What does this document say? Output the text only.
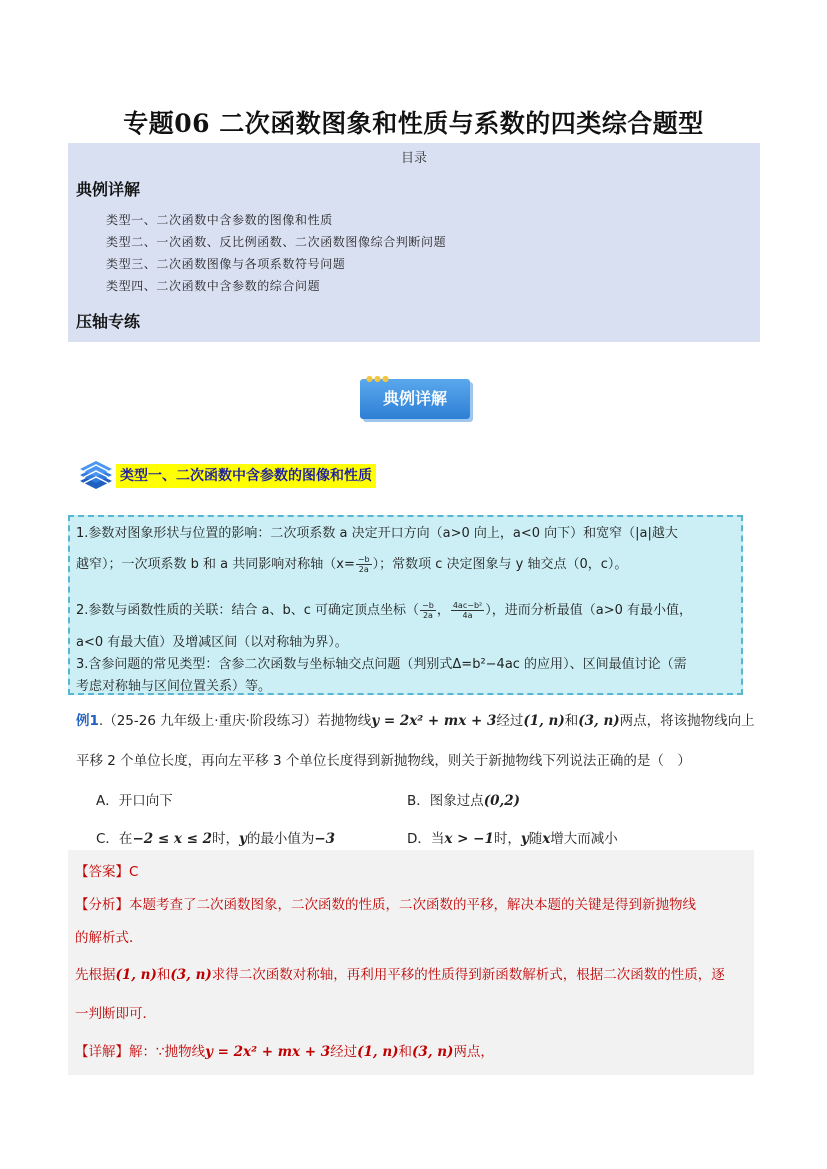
专题06 二次函数图象和性质与系数的四类综合题型
目录
典例详解
类型一、二次函数中含参数的图像和性质
类型二、一次函数、反比例函数、二次函数图像综合判断问题
类型三、二次函数图像与各项系数符号问题
类型四、二次函数中含参数的综合问题
压轴专练
●●●
典例详解
类型一、二次函数中含参数的图像和性质
1.参数对图象形状与位置的影响：二次项系数 a 决定开口方向（a>0 向上，a<0 向下）和宽窄（|a|越大
越窄）；一次项系数 b 和 a 共同影响对称轴$(x= \frac{-b}{2a})$；常数项 c 决定图象与 y 轴交点（0，c）。
2.参数与函数性质的关联：结合 a、b、c 可确定顶点坐标（ $\frac{-b}{2a}$， $\frac{\text{4ac−b²}}{4a}$），进而分析最值（a>0 有最小值，
a<0 有最大值）及增减区间（以对称轴为界）。
3.含参问题的常见类型：含参二次函数与坐标轴交点问题（判别式Δ=b²−4ac 的应用）、区间最值讨论（需
考虑对称轴与区间位置关系）等。
例1.（25-26 九年级上·重庆·阶段练习）若抛物线y = 2x² + mx + 3经过(1, n)和(3, n)两点，将该抛物线向上
平移 2 个单位长度，再向左平移 3 个单位长度得到新抛物线，则关于新抛物线下列说法正确的是（　）
A．开口向下	B．图象过点(0,2)
C．在−2 ≤ x ≤ 2时，y的最小值为−3	D．当x > −1时，y随x增大而减小
【答案】C
【分析】本题考查了二次函数图象，二次函数的性质，二次函数的平移，解决本题的关键是得到新抛物线
的解析式．
先根据(1, n)和(3, n)求得二次函数对称轴，再利用平移的性质得到新函数解析式，根据二次函数的性质，逐
一判断即可．
【详解】解：∵抛物线y = 2x² + mx + 3经过(1, n)和(3, n)两点，
